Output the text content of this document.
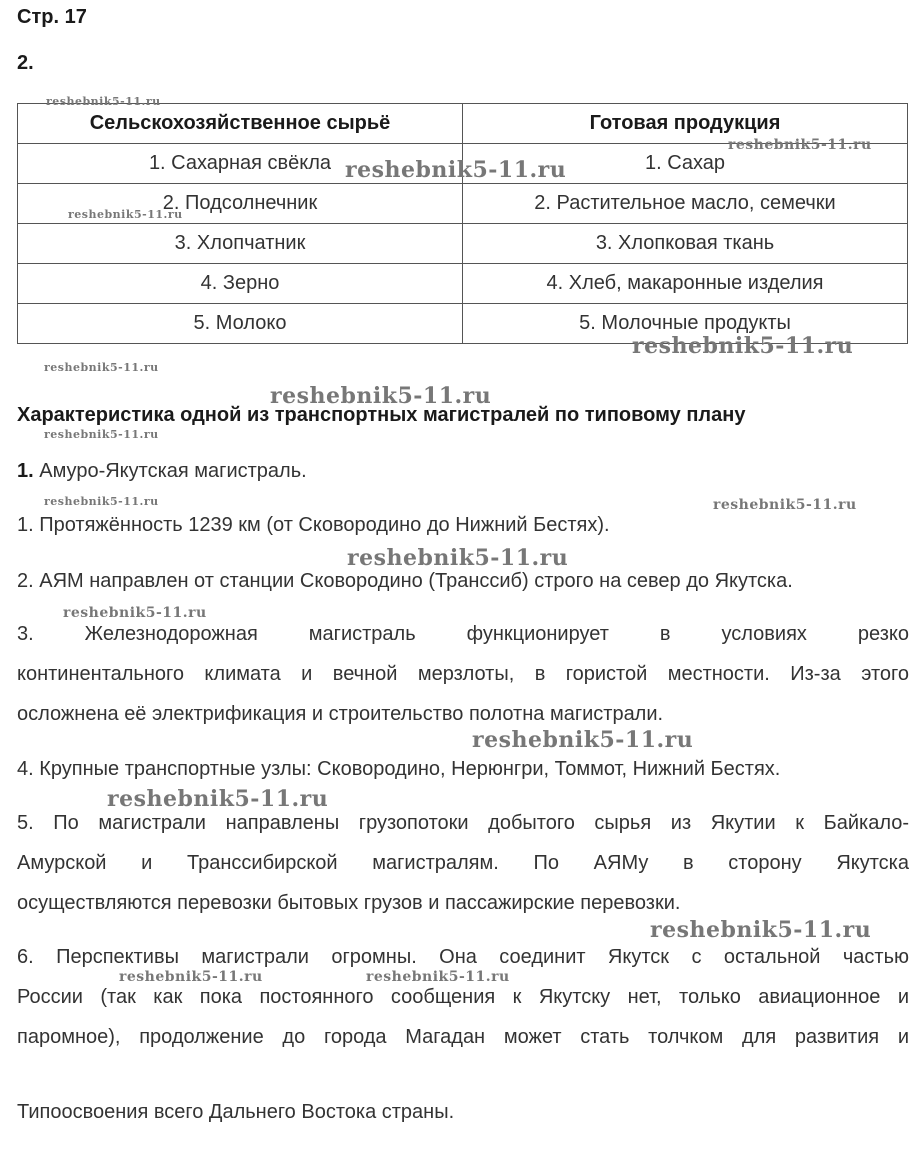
Стр. 17
2.
Сельскохозяйственное сырьё	Готовая продукция
1. Сахарная свёкла	1. Сахар
2. Подсолнечник	2. Растительное масло, семечки
3. Хлопчатник	3. Хлопковая ткань
4. Зерно	4. Хлеб, макаронные изделия
5. Молоко	5. Молочные продукты
Характеристика одной из транспортных магистралей по типовому плану
1. Амуро-Якутская магистраль.
1. Протяжённость 1239 км (от Сковородино до Нижний Бестях).
2. АЯМ направлен от станции Сковородино (Транссиб) строго на север до Якутска.
3. Железнодорожная магистраль функционирует в условиях резко
континентального климата и вечной мерзлоты, в гористой местности. Из-за этого
осложнена её электрификация и строительство полотна магистрали.
4. Крупные транспортные узлы: Сковородино, Нерюнгри, Томмот, Нижний Бестях.
5. По магистрали направлены грузопотоки добытого сырья из Якутии к Байкало-
Амурской и Транссибирской магистралям. По АЯМу в сторону Якутска
осуществляются перевозки бытовых грузов и пассажирские перевозки.
6. Перспективы магистрали огромны. Она соединит Якутск с остальной частью
России (так как пока постоянного сообщения к Якутску нет, только авиационное и
паромное), продолжение до города Магадан может стать толчком для развития и
Типоосвоения всего Дальнего Востока страны.
reshebnik5-11.ru
reshebnik5-11.ru
reshebnik5-11.ru
reshebnik5-11.ru
reshebnik5-11.ru
reshebnik5-11.ru
reshebnik5-11.ru
reshebnik5-11.ru
reshebnik5-11.ru	reshebnik5-11.ru
reshebnik5-11.ru
reshebnik5-11.ru
reshebnik5-11.ru
reshebnik5-11.ru
reshebnik5-11.ru
reshebnik5-11.ru	reshebnik5-11.ru
